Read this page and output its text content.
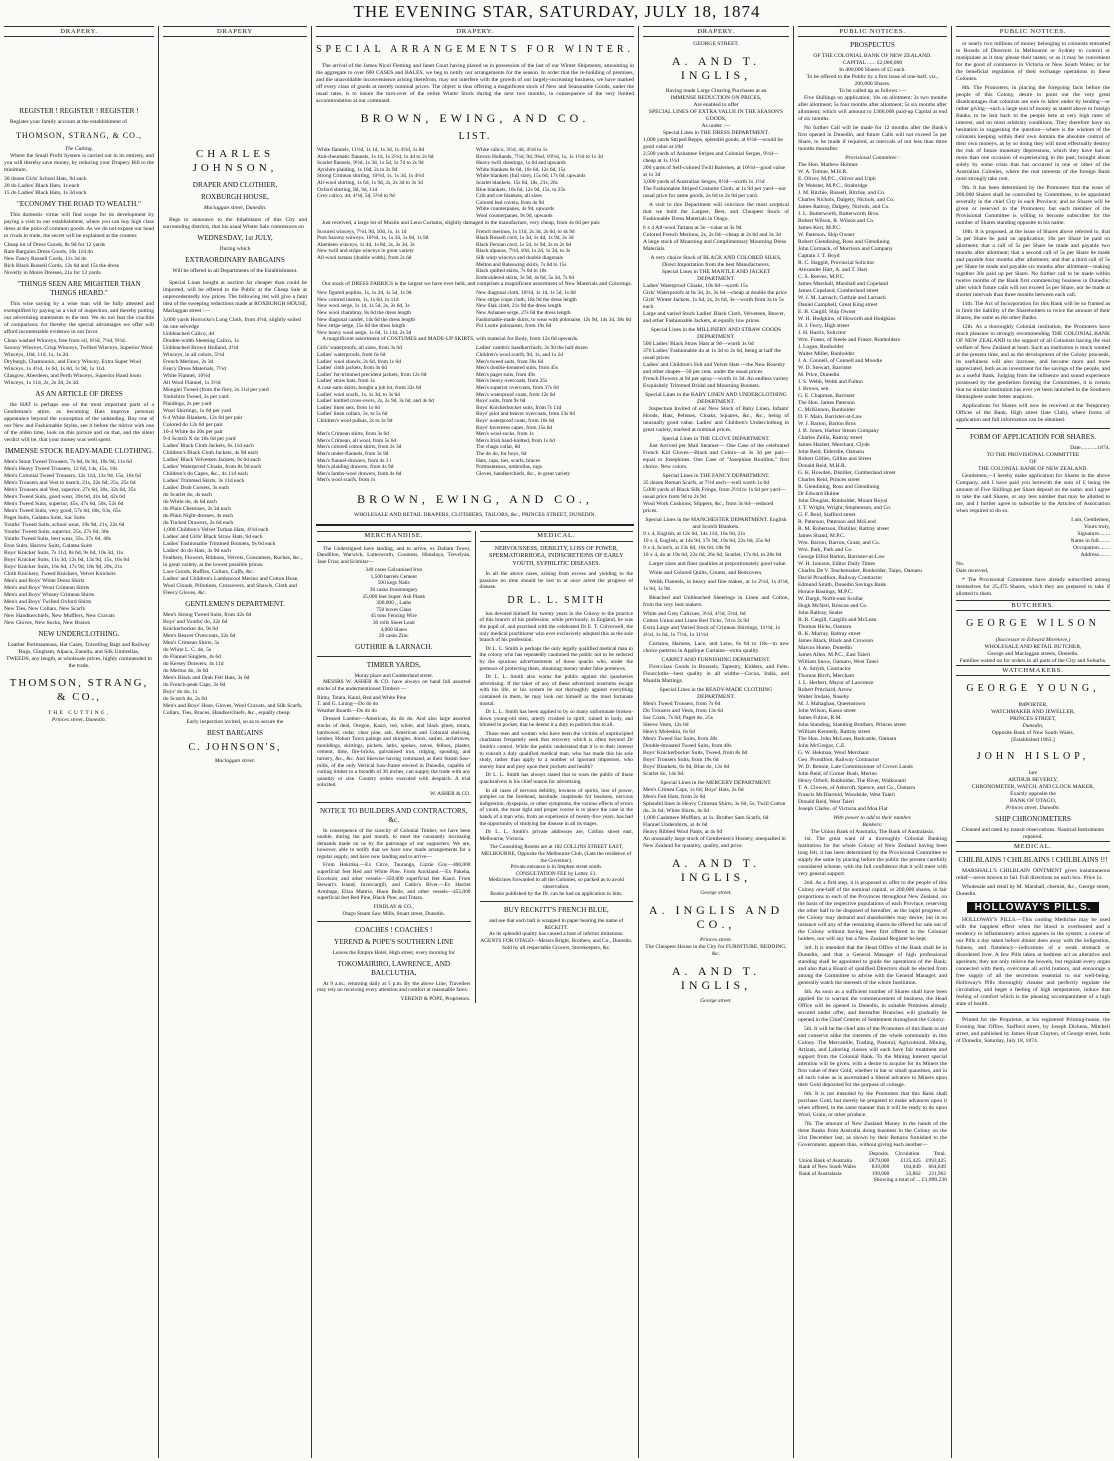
THE EVENING STAR, SATURDAY, JULY 18, 1874
DRAPERY.
REGISTER ! REGISTER ! REGISTER !
Register your family account at the establishment of
THOMSON, STRANG, & CO.,
The Cutting,
Where the Small Profit System is carried out in its entirety, and you will thereby save money, by reducing your Drapery Bill to the minimum.
30 dozen Girls' School Hats, 9d each
20 do Ladies' Black Hats, 1s each
15 do Ladies' Black Hats, 1s 3d each
"ECONOMY THE ROAD TO WEALTH."
This domestic virtue will find scope for its development by paying a visit to our establishment, where you can buy high class dress at the price of common goods. As we do not expose our head to rivals in trade, the secret will be explained at the counter.
Cheap lot of Dress Goods, 8s 9d for 12 yards
Rare Bargains Dress Goods, 10s 11d do
New Fancy Russell Cords, 11s 3d do
Rich Black Russell Cords, 12s 6d and 15s the dress
Novelty in Moire Dresses, 21s for 12 yards
"THINGS SEEN ARE MIGHTIER THAN THINGS HEARD."
This wise saying by a wise man will be fully attested and exemplified by paying us a visit of inspection, and thereby putting our advertising statements to the test. We do not fear the crucible of comparison; for thereby the special advantages we offer will afford incontestable evidence in our favor.
Clean washed Winceys, free from oil, 6½d, 7½d, 9½d.
Saxony Winceys, Crisp Winceys, Twilled Winceys, Superior Wool Winceys, 10d, 11d, 1s, 1s 2d.
Dryburgh, Chamounix, and Fancy Wincey, Extra Super Wool Winceys, 1s 4½d, 1s 6d, 1s 8d, 1s 9d, 1s 11d.
Glasgow, Aberdeen, and Perth Winceys, Superior Hand loom Winceys, 1s 11d, 2s, 2s 2d, 2s 3d.
AS AN ARTICLE OF DRESS
the HAT is perhaps one of the most important parts of a Gentleman's attire, as becoming Hats improve personal appearance beyond the conception of the unheeding. Buy one of our New and Fashionable Styles, see it before the mirror with one of the olden time, look on this picture and on that, and the silent verdict will be, that your money was well spent.
IMMENSE STOCK READY-MADE CLOTHING.
Men's Stout Tweed Trousers, 7s 6d, 8s 9d, 10s 9d, 11s 6d
Men's Heavy Tweed Trousers, 12 6d, 14s, 15s, 16s
Men's Colonial Tweed Trousers, 12s 11d, 13s 9d, 15s, 16s 6d
Men's Trousers and Vest to match, 21s, 22s 6d, 25s, 25s 6d
Men's Trousers and Vest, superior, 27s 6d, 30s, 32s 6d, 35s
Men's Tweed Suits, good wear, 39s 6d, 41s 6d, 42s 6d
Men's Tweed Suits, superior, 45s, 47s 6d, 50s, 52s 6d
Men's Tweed Suits, very good, 57s 6d, 60s, 63s, 65s
Paget Suits, Galatea Suits, Sac Suits
Youths' Tweed Suits, school wear, 19s 9d, 21s, 22s 6d
Youths' Tweed Suits, superior, 25s, 27s 6d, 30s
Youths Tweed Suits, best wear, 35s, 37s 6d, 40s
Eton Suits, Harrow Suits, Galatea Suits
Boys' Knicker Suits, 7s 11d, 8s 6d, 9s 6d, 10s 3d, 11s
Boys' Knicker Suits, 11s 3d, 12s 6d, 13s 9d, 15s, 16s 6d
Boys' Knicker Suits, 16s 6d, 17s 9d, 18s 9d, 20s, 21s
Cloth Knickers, Tweed Knickers, Velvet Knickers
Men's and Boys' White Dress Shirts
Men's and Boys' Wool Crimean Shirts
Men's and Boys' Winsey Crimean Shirts
Men's and Boys' Twilled Oxford Shirts
New Ties, New Collars, New Scarfs
New Handkerchiefs, New Mufflers, New Cravats
New Gloves, New Socks, New Braces
NEW UNDERCLOTHING.
Leather Portmanteaus, Hat Cases, Travelling Bags and Railway Rugs, Gingham, Alpaca, Zanella, and Silk Umbrellas,
TWEEDS, any length, at wholesale prices, highly commended to the trade.
THOMSON, STRANG, & CO.,
THE CUTTING,
Princes street, Dunedin.
DRAPERY
CHARLES JOHNSON,
DRAPER AND CLOTHIER,
ROXBURGH HOUSE,
Maclaggan street, Dunedin.
Begs to announce to the Inhabitants of this City and surrounding districts, that his usual Winter Sale commences on
WEDNESDAY, 1st JULY,
During which
EXTRAORDINARY BARGAINS
Will be offered in all Departments of the Establishment.
Special Lines bought at auction far cheaper than could be imported, will be offered to the Public at the Cheap Sale at unprecedentedly low prices. The following list will give a faint idea of the sweeping reductions made at ROXBURGH HOUSE, Maclaggan street :—
3,000 yards Horrocks's Long Cloth, from 4½d, slightly soiled on one selvedge
Unbleached Calico, 4d
Double-width Sheeting Calico, 1s
Unbleached Brown Holland, 4½d
Winceys, in all colors, 5½d
French Merinos, 2s 3d
Fancy Dress Materials, 7½d
White Flannel, 10½d
All Wool Flannel, 1s 3½d
Mongiel Tweed (from the fire), 2s 11d per yard
Yorkshire Tweed, 2s per yard
Plaidings, 2s per yard
Wool Shirtings, 1s 6d per yard
6-4 White Blankets, 12s 6d per pair
Colored do 12s 6d per pair
10-4 White do 20s per pair
9-4 Scotch X do 18s 6d per yard
Ladies' Black Cloth Jackets, 6s 11d each
Children's Black Cloth Jackets, 4s 9d each
Ladies' Black Velveteen Jackets, 9s 6d each
Ladies' Waterproof Cloaks, from 8s 9d each
Children's do Capes, &c., 4s 11d each
Ladies' Trimmed Skirts, 3s 11d each
Ladies' Drab Corsets, 3s each
do Scarlet do, 4s each
do White do, 4s 6d each
do Plain Chemises, 2s 3d each
do Plain Night-dresses, 4s each
do Tucked Drawers, 2s 6d each
1,000 Children's Velvet Turban Hats, 4½d each
Ladies' and Girls' Black Straw Hats, 9d each
Ladies' Fashionable Trimmed Bonnets, 9s 6d each
Ladies' do do Hats, 3s 9d each
Feathers, Flowers, Ribbons, Velvets, Gossamers, Ruches, &c., in great variety, at the lowest possible prices.
Lace Goods, Ruffles, Collars, Cuffs, &c.
Ladies' and Children's Lambswool Merino and Cotton Hose, Wool Clouds, Pillotines, Crossovers, and Shawls, Cloth and Fleecy Gloves, &c.
GENTLEMEN'S DEPARTMENT.
Men's Strong Tweed Suits, from 42s 6d
Boys' and Youths' do, 22s 6d
Knickerbocker do, 9s 6d
Men's Beaver Overcoats, 32s 6d
Men's Crimean Shirts, 5s
do White L. C. do, 5s
do Flannel Singlets, 4s 6d
do Kersey Drawers, 4s 11d
do Merino do, 3s 6d
Men's Black and Drab Felt Hats, 3s 6d
do French-peak Caps, 2s 6d
Boys' do do, 1s
do Scotch do, 2s 6d
Men's and Boys' Hose, Gloves, Wool Cravats, and Silk Scarfs, Collars, Ties, Braces, Handkerchiefs, &c., equally cheap.
Early inspection invited, so as to secure the
BEST BARGAINS
C. JOHNSON'S,
Maclaggan street.
DRAPERY.
SPECIAL ARRANGEMENTS FOR WINTER.
The arrival of the James Nicol Fleming and Janet Court having placed us in possession of the last of our Winter Shipments, amounting in the aggregate to over 600 CASES and BALES, we beg to notify our arrangements for the season. In order that the re-building of premises, and the unavoidable inconvenience arising therefrom, may not interfere with the growth of our largely-increasing business, we have marked off every class of goods at merely nominal prices. The object is thus offering a magnificent stock of New and Seasonable Goods, under the usual rates, is to insure the turn-over of the entire Winter Stock during the next two months, in consequence of the very limited accommodation at our command.
BROWN, EWING, AND CO.
LIST.
White flannels, 11½d, 1s 1d, 1s 3d, 1s 4½d, 1s 8d
Anti-rheumatic flannels, 1s 1d, 1s 2½d, 1s 4d to 2s 6d
Scarlet flannels, 9½d, 1s 3d, 1s 5d, 1s 7d to 2s 9d
Ayrshire plaiding, 1s 10d, 2s to 2s 9d
Strong Crimean shirting, 10½d, 1s, 1s 3d, 1s 4½d
All-wool shirting, 1s 6d, 1s 9d, 2s, 2s 3d to 3s 3d
Oxford shirting, 8d, 9d, 11d
Grey calico, 4d, 4½d, 5d, 5½d to 9d

White calico, 3½d, 4d, 4½d to 1s
Brown Hollands, 7½d, 9d, 9¾d, 10½d, 1s, 1s 1½d to 1s 3d
Heavy twill sheetings, 1s 6d and upwards
White blankets 8s 6d, 10s 6d, 12s 6d, 15s
White blankets (full size), 15s 6d, 17s 6d, upwards
Scarlet blankets, 15s 6d, 18s, 21s, 26s
Blue blankets, 10s 6d, 12s 9d, 15s, to 25s
Crib and cot blankets, all sizes
Colored bed covers, from 4s 9d
White counterpanes, 4s 9d, upwards
Wool counterpanes, 9s 9d, upwards
Just received, a large lot of Muslin and Leno Curtains, slightly damaged in the manufacture, very cheap, from 4s 6d per pair.
Scoured winceys, 7½d, 9d, 10d, 1s, 1s 1d
Pure Saxony winceys, 10½d, 1s, 1s 3d, 1s 6d, 1s 9d
Aberdeen winceys, 1s 4d, 1s 8d, 2s, 2s 3d, 3s
New twill and stripe winceys in great variety
All-wool tartans (double width), from 2s 6d

French merinos, 1s 11d, 2s 3d, 2s 6d, to 4s 9d
Black Russell cord, 1s 3d, 1s 4d, 1s 9d, 2s 3d
Black Persian cord, 1s 5d, 1s 9d, 2s to 2s 6d
Black alpacas, 7½d, 10d, 1s 2d, 1s 3d, to 3s
Silk warp winceys and double diagonals
Melton and Bateswing skirts, 7s 6d to 15s
Black quilted skirts, 7s 6d to 18s
Embroidered skirts, 3s 9d, 4s 6d, 5s 3d, 7s 6d
Our stock of DRESS FABRICS is the largest we have ever held, and comprises a magnificent assortment of New Materials and Colorings.
New figured poplins, 1s, 1s 2d, 1s 5d, 1s 9d
New colored lustres, 1s, 1s 6d, 1s 11d
New wool serge, 1s 1d, 1s 5d, 2s, 2s 6d, 3s
New wool chambray, 8s 6d the dress length
New diagonal camlet, 14s 6d the dress length
New stripe serge, 15s 6d the dress length
New heavy wool serge, 1s 6d, 1s 11d, 2s 3d

New diagonal cloth, 10½d, 1s 1d, 1s 5d, 1s 8d
New stripe crape cloth, 18s 9d the dress length
New Slak cloth, 21s 9d the dress length
New Ashanee serge, 27s 6d the dress length
Fashionable-made skirts, to wear with polonaise, 12s 9d, 14s 3d, 18s 6d
Pol Lustre polonaises, from 19s 6d
A magnificent assortment of COSTUMES and MADE-UP SKIRTS, with material for Body, from 12s 6d upwards.
Girls' waterproofs, all sizes, from 3s 6d
Ladies' waterproofs, from 6s 6d
Ladies' wool shawls, 2s 6d, from 1s 6d
Ladies' cloth jackets, from 4s 6d
Ladies' fur-trimmed precident jackets, from 12s 6d
Ladies' straw hats, from 1s
A case satin skirts, bought a job lot, from 32s 6d
Ladies' wool scarfs, 1s, 1s 3d, to 3s 6d
Ladies' knitted cross-overs, 2s, 2s 9d, 3s 6d, and 4s 6d
Ladies' linen sets, from 1s 6d
Ladies' linen collars, 3s, to 5s 6d
Children's wool polkas, 2s to 3s 9d

Ladies' cambric handkerchiefs, 2s 9d the half dozen
Children's wool scarfs, 9d, 1s, and 1s 2d
Men's tweed suits, from 36s 6d
Men's double-breasted suits, from 45s
Men's paget suits, from 49s
Men's heavy overcoats, from 25s
Men's superior overcoats, from 37s 6d
Men's waterproof coats, from 12s 6d
Boys' suits, from 9s 6d
Boys' Knickerbocker suits, from 7s 11d
Boys' pilot and beaver overcoats, from 13s 6d
Boys' waterproof coats, from 10s 6d
Boys' Inverness capes, from 15s 6d
Men's Crimean shirts, from 3s 6d
Men's Crimean, all wool, from 5s 6d
Men's colored cotton shirts, from 2s 3d
Men's under-flannels, from 3s 9d
Men's flannel-drawers, from 4s 3 l
Men's plaiding drawers, from 4s 9d
Men's lambs-wool drawers, from 4s 6d
Men's wool scarfs, from 1s

Men's wool socks, from 1s
Men's Irish hand-knitted, from 1s 6d
The chagu collar, 8d
The do do, for boys, 6d
Hats, caps, ties, scarfs, braces
Portmanteaux, umbrellas, rugs
Gloves, handkerchiefs, &c., in great variety
BROWN, EWING, AND CO.,
WHOLESALE AND RETAIL DRAPERS, CLOTHIERS, TAILORS, &c., PRINCES STREET, DUNEDIN.
MERCHANDISE.
The Undersigned have landing, and to arrive, ex Dallam Tower, Dandillon, Warwick, Lutterworth, Countess, Himalaya, Trevelyan, Jane Friar, and Scimitar—
340 cases Galvanised Iron
1,500 barrels Cement
500 kegs Nails
30 casks Ironmongery
25,000 feet Super. Ash Plank
300,000 ,, Laths
750 boxes Glass
45 tons Fencing Wire
30 rolls Sheet Lead
4,000 Slates
20 casks Zinc
GUTHRIE & LARNACH.
TIMBER YARDS,
Moray place and Cumberland street.
MESSRS W. ASHER & CO. have always on hand full assorted stocks of the undermentioned Timbers —
Rimu, Totara, Kauri, Red and White Pine
T. and G. Lining—Do do do
Weather Boards—Do do do
Dressed Lumber—American, do do do. And also large assorted stocks of deal, Oregon, Kauri, red, white, and black pines, totara, hardwood, cedar, clear pine, ash, American and Colonial shelving, lumber, Hobart Town palings and shingles, doors, sashes, architraves, mouldings, skirtings, pickets, laths, spokes, naves, felloes, plaster, cement, lime, fire-bricks, galvanised iron, ridging, spouting, and turnery, &c., &c. And likewise having command, at their Steam Saw-mills, of the only Vertical Saw-frame erected in Dunedin, capable of cutting timber to a breadth of 36 inches, can supply the trade with any quantity or size. Country orders executed with despatch. A trial solicited.
W. ASHER & CO.
NOTICE TO BUILDERS AND CONTRACTORS, &c.
In consequence of the scarcity of Colonial Timber, we have been unable, during the past month, to meet the constantly increasing demands made on us by the patronage of our supporters. We are, however, able to notify that we have now made arrangements for a regular supply, and have now landing and to arrive—
From Hokitika.—Ex Circe, Tauranga, Lizzie Guy—400,000 superficial feet Red and White Pine. From Auckland.—Ex Pakeha, Excelsior, and other vessels—350,000 superficial feet Kauri. From Stewart's Island, Invercargill, and Catlin's River.—Ex Harriet Armitage, Eliza Mattrie, Huon Belle, and other vessels—455,000 superficial feet Red Pine, Black Pine, and Totara.
FINDLAY & CO.,
Otago Steam Saw Mills, Stuart street, Dunedin.
COACHES ! COACHES !
YEREND & POPE'S SOUTHERN LINE
Leaves the Empire Hotel, High street, every morning for
TOKOMAIRIRO, LAWRENCE, AND BALCLUTHA,
At 9 a.m.; returning daily at 5 p.m. By the above Line, Travellers may rely on receiving every attention and comfort at reasonable fares.
YEREND & POPE, Proprietors.

MEDICAL.
NERVOUSNESS, DEBILITY, LOSS OF POWER, SPERMATORRHOEA, INDISCRETIONS OF EARLY YOUTH, SYPHILITIC DISEASES.
In all the above cases, arising from excess and yielding to the passions no time should be lost to at once arrest the progress of disease.
DR L. L. SMITH
has devoted himself for twenty years in the Colony to the practice of this branch of his profession, while previously, in England, he was the pupil of, and practised with the celebrated Dr E. T. Culverwell, the only medical practitioner who ever exclusively adopted this as the sole branch of his profession.
Dr L. L. Smith is perhaps the only legally qualified medical man in the colony who has repeatedly cautioned the public not to be seduced by the spurious advertisements of those quacks who, under the pretence of protecting them, obtaining money under false pretences.
Dr L. L. Smith also warns the public against the quackeries advertising. If the taker of any of these advertised nostrums escape with his life, or his system be not thoroughly against everything contained in them, he may look out himself as the most fortunate mortal.
Dr L. L. Smith has been applied to by so many unfortunate broken-down young-old men, utterly crushed in spirit, ruined in body, and blinded in pocket, that he deems it a duty to publish this to all.
Those men and women who have been the victims of unprincipled charlatans frequently seek that recovery which is often beyond Dr Smith's control. While the public understand that it is to their interest to consult a duly qualified medical man, who has made this his sole study, rather than apply to a number of ignorant impostors, who merely hunt and prey upon their pockets and health?
Dr L. L. Smith has always stated that to warn the public of those quacksalvers is his chief reason for advertising.
In all cases of nervous debility, lowness of spirits, loss of power, pimples on the forehead, lassitude, inaptitude for business, nervous indigestion, dyspepsia, or other symptoms, the various effects of errors of youth, the most tight and proper course is to place the case in the hands of a man who, from an experience of twenty-five years, has had the opportunity of studying the disease in all its stages.
Dr L. L. Smith's private addresses are, Collins street east, Melbourne, Victoria.
The Consulting Rooms are at 182 COLLINS STREET EAST, MELBOURNE, Opposite the Melbourne Club, (Late the residence of the Governor).
Private entrance is in Stephen street south.
CONSULTATION FEE by Letter, £1.
Medicines forwarded to all the Colonies, so packed as to avoid observation.
Books published by the Dr. can be had on application to him.
BUY RECKITT'S FRENCH BLUE,
and see that each ball is wrapped in paper bearing the name of RECKITT.
As its splendid quality has caused a host of inferior imitations.
AGENTS FOR OTAGO—Messrs Bright, Brothers, and Co., Dunedin.
Sold by all respectable Grocers, Storekeepers, &c.
DRAPERY.
GEORGE STREET.
A. AND T. INGLIS,
Having made Large Clearing Purchases at an
IMMENSE REDUCTION ON PRICES,
Are enabled to offer
SPECIAL LINES OF EXTRA VALUE IN THE SEASON'S GOODS,
As under :—
Special Lines in THE DRESS DEPARTMENT.
1,000 yards Striped Repps, splendid goods, at 6½d—would be good value at 10d
2,500 yards of Ashantee Stripes and Colonial Serges, 9½d—cheap at 1s 1½d
200 yards of Self-colored Twill Balernes, at 10½d—good value at 1s 3d
3,000 yards of Australian Serges, 8½d—worth 1s 1½d
The Fashionable Striped Costume Cloth, at 1s 9d per yard—our usual price for same goods, 2s 6d to 2s 9d per yard.
A visit to this Department will convince the most sceptical that we hold the Largest, Best, and Cheapest Stock of Fashionable Dress Materials in Otago.
6 x 4 All-wool Tartans at 3s—value at 3s 9d
Colored French Merinos, 2s, 2s 6d—cheap at 2s 6d and 3s 3d
A large stock of Mourning and Complimentary Mourning Dress Materials.
A very choice Stock of BLACK AND COLORED SILKS, Direct Importation from the best Manufacturers.
Special Lines in THE MANTLE AND JACKET DEPARTMENT.
Ladies' Waterproof Cloaks, 10s 6d—worth 15s
Girls' Waterproofs at 6s 3d, 2s, 2s 6d—cheap at double the price
Girls' Winter Jackets, 1s 6d, 2s, 2s 6d, 3s—worth from 3s to 5s each
Large and varied Stock Ladies' Black Cloth, Velveteen, Beaver, and other Fashionable Jackets, at equally low prices.
Special Lines in the MILLINERY AND STRAW GOODS DEPARTMENT.
500 Ladies' Black Straw Hats at 9d—worth 1s 6d
376 Ladies' Fashionable do at 1s 3d to 2s 6d, being at half the usual prices
Ladies' and Children's Felt and Velvet Hats —the New Rosedry and other shapes—50 per cent. under the usual prices
French Flowers at 9d per spray—worth 1s 3d. An endless variety
Exquisitely Trimmed Bridal and Mourning Bonnets.
Special Lines in the BABY LINEN AND UNDERCLOTHING DEPARTMENT.
Inspection Invited of our New Stock of Baby Linen, Infants' Hoods, Hats, Pelisses, Cloaks, Squares, &c., &c., being of unusually good value. Ladies' and Children's Underclothing in great variety, marked at nominal prices.
Special Lines in THE GLOVE DEPARTMENT.
Just Arrived per Mail Steamer— One Case of the celebrated French Kid Gloves—Black and Colors—at 3s 3d per pair—equal to Josephines. One Case of "Josephine Rouillon," first choice. New colors.
Special Lines in THE FANCY DEPARTMENT.
35 dozen Roman Scarfs, at 7½d each—well worth 1s 6d
5,000 yards of Black Silk Fringe, from 2½d to 1s 6d per yard—usual price from 9d to 2s 9d
Wool Work Cushions, Slippers, &c., from 3s 6d—reduced prices.
Special Lines in the MANCHESTER DEPARTMENT. English and Scotch Blankets.
9 x 4, English, at 12s 6d, 14s 11d, 16s 9d, 21s
10 x 4, English, at 14s 9d, 17s 9d, 19s 6d, 22s 6d, 25s 6d
9 x 4, Scotch, at 13s 6d, 16s 6d, 18s 9d
10 x 4, do at 19s 6d, 22s 6d, 26s 6d, Scarlet, 17s 6d, to 28s 6d
Larger sizes and finer qualities at proportionately good value.
White and Colored Quilts, Counts, and Bedcovers.
Welsh Flannels, in heavy and fine makes, at 1s 2½d, 1s 4½d, 1s 6d, 1s 9d.
Bleached and Unbleached Sheetings in Linen and Cotton, from the very best makers.
White and Grey Calicoes, 3½d, 4½d, 5½d, 6d
Cotton Union and Linen Bed Ticks, 7d to 2s 9d
Extra Large and Varied Stock of Crimean Shirtings, 11½d, 1s 4½d, 1s 6d, 1s 7½d, 1s 11½d
Curtains, Harness, Lace, and Leno, 6s 6d to 18s—in new choice patterns in Applique Curtains—extra quality.
CARPET AND FURNISHING DEPARTMENT.
First-class Goods in Brussels, Tapestry, Kidders, and Felts. Floorcloths—best quality in all widths—Cocoa, India, and Manilla Mattings.
Special Lines in the READY-MADE CLOTHING DEPARTMENT.
Men's Tweed Trousers, from 7s 6d
Do Trousers and Vests, from 13s 6d
Sac Coats, 7s 6d; Paget do, 25s
Sleeve Vests, 12s 6d
Heavy Moleskin, 6s 6d
Men's Tweed Sac Suits, from 30s
Double-breasted Tweed Suits, from 40s
Boys' Knickerbocker Suits, Tweed, from 8s 6d
Boys' Trousers Suits, from 19s 6d
Boys' Blankets, 6s 6d, Blue do, 12s 6d
Scarlet do, 14s 6d.
Special Lines in the MERCERY DEPARTMENT.
Men's Crimea Caps, 1s 6d; Boys' Hats, 2s 6d
Men's Felt Hats, from 2s 6d
Splendid lines in Heavy Crimean Shirts, 3s 6d, 5s; Twill Cotton do, 2s 6d; White Shirts, 4s 6d
1,000 Cashmere Mufflers, at 1s. Brother Sam Scarfs, 6d
Flannel Undershirts, at 4s 6d
Heavy Ribbed Wool Pants, at 4s 6d
An unusually large stock of Gentlemen's Hosiery, unequalled in New Zealand for quantity, quality, and price.
A. AND T. INGLIS,
George street.
A. INGLIS AND CO.,
Princes street.
The Cheapest House in the City for FURNITURE, BEDDING, &c.
A. AND T. INGLIS,
George street.
PUBLIC NOTICES.
PROSPECTUS
OF THE COLONIAL BANK OF NEW ZEALAND.
CAPITAL ...... £2,000,000
In 400,000 Shares of £5 each.
To be offered to the Public by a first issue of one-half, viz., 200,000 Shares.
To be called up as follows :—
Five Shillings on application; 10s on allotment; 2s two months after allotment; 5s four months after allotment; 5s six months after allotment; which will amount to £300,000 paid-up Capital at end of six months.
No further Call will be made for 12 months after the Bank's first opened in Dunedin, and future Calls will not exceed 5s per Share, to be made if required, at intervals of not less than three months thereafter.
Provisional Committee :
The Hon. Mathew Holmes
W. A. Tolmie, M.H.R.
E. Oliver, M.P.C., Oliver and Ulph
Dr Webster, M.P.C., Strabridge
J. M. Ritchie, Russell, Ritchie, and Co.
Charles Nichols, Dalgety, Nichols, and Co.
James Rattray, Dalgety, Nichols, and Co.
J. L. Butterworth, Butterworth Bros.
Robert Wilson, R. Wilson and Co.
James Kerr, M.P.C.
W. Paterson, Ship Owner
Robert Glendining, Ross and Glendining
John Cormack, of Morrison and Company
Captain J. T. Boyd
R. C. Haggitt, Provincial Solicitor
Alexander Hart, A. and T. Hart
C. S. Reeves, M.P.C.
James Marshall, Marshall and Copeland
James Copeland, Cumberland street
W. J. M. Larnach, Guthrie and Larnach
Daniel Campbell, Great King street
E. B. Cargill, Ship Owner
W. H. Hodgkins, of Howorth and Hodgkins
H. J. Ferry, High street
J. H. Harris, Solicitor
Wm. Fraser, of Steele and Fraser, Runholders
J. Logan, Runholder
Walter Miller, Runholder
J. A. Connell, of Connell and Moodie
W. D. Stewart, Barrister
M. Price, Dunedin
J. S. Webb, Webb and Fulton
J. Brown, sen.
G. E. Chapman, Barrister
The Hon. James Paterson
C. McKinnon, Runholder
D. F. Main, Barrister-at-Law
W. J. Barton, Barton Bros
J. B. Jones, Harbor Steam Company
Charles Zeilla, Rattray street
James Hazlett, Merchant, Clyde
John Reid, Elderslie, Oamaru
Robert Gillies, Gillies and Street
Donald Reid, M.H.R.
G. K. Howden, Distiller, Cumberland street
Charles Reid, Princes street
R. Glendining, Ross and Glendining
Dr Edward Hulme
John Douglas, Runholder, Mount Royal
J. T. Wright, Wright, Stephenson, and Co.
G. F. Reid, Stafford street
R. Paterson, Paterson and McLeod
R. M. Robertson, Distiller, Rattray street
James Shand, M.P.C.
Wm. Barron, Barron, Grant, and Co.
Wm. Park, Park and Co.
George Elliot Barton, Barrister-at-Law
W. H. Jonison, Editor Daily Times
Charles De V. Teschemaker, Runholder, Taipo, Oamaru
David Proudfoot, Railway Contractor
Edmund Smith, Dunedin Savings Bank
Horace Bastings, M.P.C.
W. Dargh, North-east Scullar
Hugh McNeil, Briscoe and Co.
John Rattray, Sealer
R. R. Cargill, Cargills and McLean
Thomas Hicks, Oamaru
R. K. Murray, Rattray street
James Black, Black and Crowson
Marcus Hume, Dunedin
James Allen, M.P.C., East Taieri
William Snow, Oamaru, West Taieri
J. A. Smyth, Contractor
Thomas Birch, Merchant
J. L. Herbert, Mayor of Lawrence
Robert Pritchard, Arrow
Walter Iredale, Naseby
M. J. Mahaghan, Queenstown
John Wilson, Kasso street
James Fulton, R.M.
John Standing, Standing Brothers, Princes street
William Kennedy, Rattray street
The Hon. John McLean, Redcastle, Oamaru
John McGregor, C.E.
G. W. Hekman, Wool Merchant
Geo. Proudfoot, Railway Contractor
W. D. Rennie, Late Commissioner of Crown Lands
John Reid, of Corner Bush, Merino
Henry Orbell, Runholder, The River, Waikouaiti
T. A. Clowes, of Ashcroft, Spence, and Co., Oamaru
Francis McDiarmid, Woodside, West Taieri
Donald Reid, West Taieri
Joseph Clarke, of Victoria and Moa Flat
With power to add to their number.
Bankers:
The Union Bank of Australia, The Bank of Australasia.
1st. The great want of a thoroughly Colonial Banking Institution for the whole Colony of New Zealand having been long felt, it has been determined by the Provisional Committee to supply the same by placing before the public the present carefully considered scheme, with the full confidence that it will meet with very general support.
2nd. As a first step, it is proposed to offer to the people of this Colony one-half of the nominal capital, or 200,000 shares, in fair proportions to each of the Provinces throughout New Zealand, on the basis of the respective populations of each Province, reserving the other half to be disposed of hereafter, as the rapid progress of the Colony may demand and shareholders may desire; but in no instance will any of the remaining shares be offered for sale out of the Colony without having been first offered to the Colonial holders, nor will any but a New Zealand Register be kept.
3rd. It is intended that the Head Office of the Bank shall be in Dunedin, and that a General Manager of high professional standing shall be appointed to guide the operations of the Bank; and also that a Board of qualified Directors shall be elected from among the Committee to advise with the General Manager, and generally watch the interests of the whole Institution.
4th. As soon as a sufficient number of Shares shall have been applied for to warrant the commencement of business, the Head Office will be opened in Dunedin, in suitable Premises already secured under offer, and thereafter Branches will gradually be opened in the Chief Centres of Settlement throughout the Colony.
5th. It will be the chief aim of the Promoters of this Bank to aid and conserve alike the interests of the whole community in this Colony. The Mercantile, Trading, Pastoral, Agricultural, Mining, Artizan, and Laboring classes will each have fair treatment and support from the Colonial Bank. To the Mining Interest special attention will be given, with a desire to acquire for its Miners the first value of their Gold, whether in bar or small quantities, and in all such value as is ascertained a liberal advance to Miners upon their Gold deposited for the purpose of coinage.
6th. It is not intended by the Promoters that this Bank shall purchase Gold, but merely be prepared to make advances upon it when offered, in the same manner that it will be ready to do upon Wool, Grain, or other produce.
7th. The amount of New Zealand Money in the hands of the three Banks from Australia doing business in the Colony on the 31st December last, as shown by their Returns furnished to the Government, appears thus, without giving each another—
	Deposits.	Circulation.	Total.
Union Bank of Australia	£879,000	£125,425	£993,425
Bank of New South Wales	839,000	104,849	664,849
Bank of Australasia	199,000	33,862	231,962
Showing a total of ... £1,890,236
PUBLIC NOTICES.
or nearly two millions of money belonging to colonists entrusted to Boards of Directors in Melbourne or Sydney to control or manipulate as it may please their tastes; or as it may be convenient for the good of commerce in Victoria or New South Wales; or for the beneficial regulation of their exchange operations in these Colonies.
8th. The Promoters, in placing the foregoing facts before the people of this Colony, desire to point out the very great disadvantages that colonists are sure to labor under by lending—or rather giving—such a large sum of money as stated above to foreign Banks, to be lent back to the people here at very high rates of interest, and on most arbitrary conditions. They therefore have no hesitation in suggesting the question—where is the wisdom of the colonists keeping within their own domain the absolute control of their own moneys, as by so doing they will most effectually destroy the risk of future monetary depressions, which they have had as more than one occasion of experiencing in the past, brought about solely by some crisis that has occurred in one or other of the Australian Colonies, where the real interests of the foreign Bank most strongly take root.
9th. It has been determined by the Promoters that the issue of 200,000 Shares shall be controlled by Committees, to be appointed severally in the chief City in each Province; and no Shares will be given or reserved to the Promoters; but each member of the Provisional Committee is willing to become subscriber for the number of Shares standing opposite to his name.
10th. It is proposed, at the issue of Shares above referred to, that 5s per Share be paid on application; 10s per Share be paid on allotment; that a call of 5s per Share be made and payable two months after allotment; that a second call of 5s per Share be made and payable four months after allotment; and that a third call of 5s per Share be made and payable six months after allotment—making together 30s paid up per Share. No further call to be made within twelve months of the Bank first commencing business in Dunedin; after which future calls will not exceed 5s per Share, nor be made at shorter intervals than three months between each call.
11th. The Act of Incorporation for this Bank will be so framed as to limit the liability of the Shareholders to twice the amount of their Shares, the same as the other Banks.
12th. As a thoroughly Colonial institution, the Promoters have much pleasure in strongly recommending THE COLONIAL BANK OF NEW ZEALAND to the support of all Colonists having the real welfare of New Zealand at heart. Such an institution is much wanted at the present time, and as the development of the Colony proceeds, its usefulness will also increase, and become more and more appreciated, both as an investment for the savings of the people, and as a useful Bank. Judging from the influence and sound experience possessed by the gentlemen forming the Committees, it is certain that no similar institution has ever yet been launched in the Southern Hemisphere under better auspices.
Applications for Shares will now be received at the Temporary Offices of the Bank, High street (late Club), where forms of application and full information can be obtained.
FORM OF APPLICATION FOR SHARES.
Date............1874.
TO THE PROVISIONAL COMMITTEE
OF
THE COLONIAL BANK OF NEW ZEALAND.
Gentlemen,—I hereby make application for Shares in the above Company, and I have paid you herewith the sum of £ being the amount of Five Shillings per Share deposit on the same; and I agree to take the said Shares, or any less number that may be allotted to me, and I further agree to subscribe to the Articles of Association when required to do so.
I am, Gentlemen,
Yours truly,
Signature........
Name in full........
Occupation........
Address........
No.
Date received,
* The Provisional Committee have already subscribed among themselves for 25,475 Shares, which they are prepared to take if allotted to them.
BUTCHERS.
GEORGE WILSON
(Successor to Edward Morelove,)
WHOLESALE AND RETAIL BUTCHER,
George and Maclaggan streets, Dunedin.
Families waited on for orders in all parts of the City and Suburbs.
WATCHMAKERS.
GEORGE YOUNG,
IMPORTER,
WATCHMAKER AND JEWELLER,
PRINCES STREET,
Dunedin,
Opposite Bank of New South Wales.
[Established 1862.]
JOHN HISLOP,
late
ARTHUR BEVERLY,
CHRONOMETER, WATCH, AND CLOCK MAKER,
Exactly opposite the
BANK OF OTAGO,
Princes street, Dunedin.
SHIP CHRONOMETERS
Cleaned and rated by transit observations. Nautical Instruments repaired.
MEDICAL.
CHILBLAINS ! CHILBLAINS ! CHILBLAINS !!!
MARSHALL'S CHILBLAIN OINTMENT gives instantaneous relief—never known to fail. Full directions on each box. Price 1s.
Wholesale and retail by M. Marshall, chemist, &c., George street, Dunedin.
HOLLOWAY'S PILLS.
HOLLOWAY'S PILLS.—This cooling Medicine may be used with the happiest effect when the blood is overheated and a tendency to inflammatory action appears in the system; a course of our Pills a day taken before dinner does away with the indigestion, fulness, and flatulency—indications of a weak stomach or disordered liver. A few Pills taken at bedtime act as alterative and aperients; they not only relieve the bowels, but regulate every organ connected with them, overcome all acrid humors, and encourage a free supply of all the secretions essential to our well-being. Holloway's Pills thoroughly cleanse and perfectly regulate the circulation, and beget a feeling of high temperature, induce that feeling of comfort which is the pleasing accompaniment of a high state of health.
Printed for the Proprietor, at his registered Printing-house, the Evening Star Office, Stafford street, by Joseph Dickens, Mitchell street, and published by James Hyatt Clayton, of George street, both of Dunedin, Saturday, July 18, 1874.
